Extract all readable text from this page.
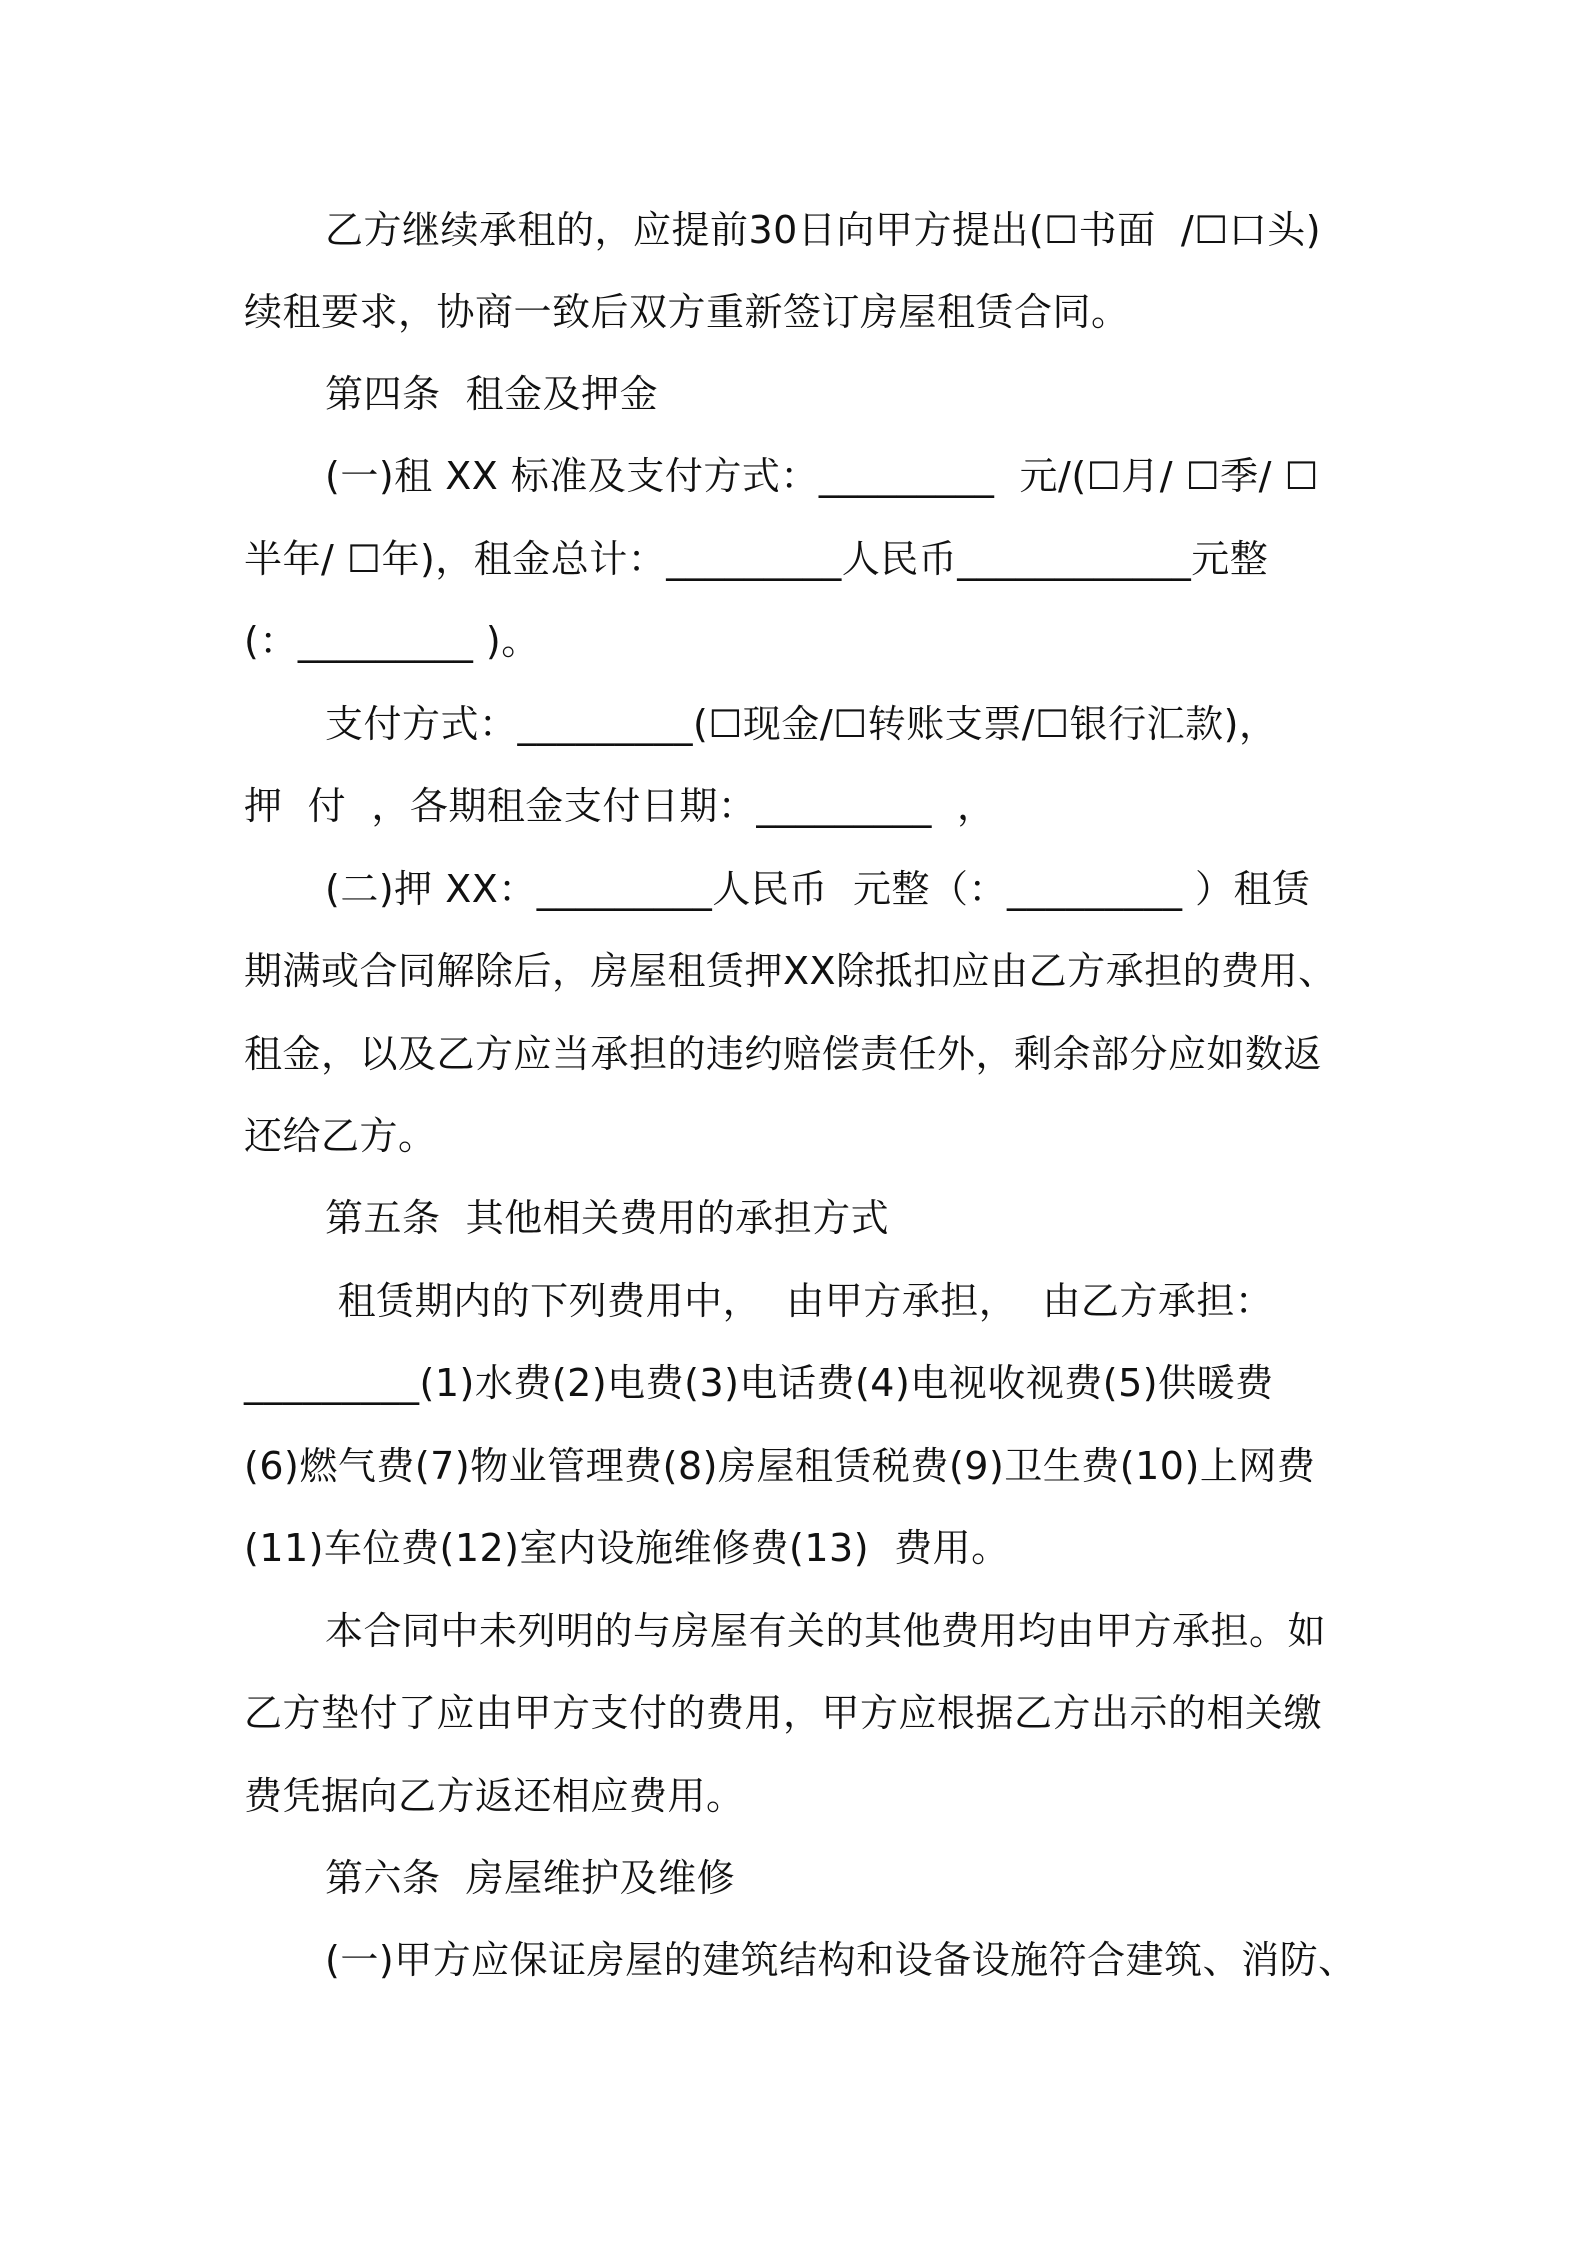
乙方继续承租的，应提前30日向甲方提出(☐书面  /☐口头)
续租要求，协商一致后双方重新签订房屋租赁合同。
第四条  租金及押金
(一)租 XX 标准及支付方式：_________  元/(☐月/ ☐季/ ☐
半年/ ☐年)，租金总计：_________人民币____________元整
(：_________ )。
支付方式：_________(☐现金/☐转账支票/☐银行汇款)，
押  付  ，各期租金支付日期：_________  ，
(二)押 XX：_________人民币  元整（：_________ ）租赁
期满或合同解除后，房屋租赁押XX除抵扣应由乙方承担的费用、
租金，以及乙方应当承担的违约赔偿责任外，剩余部分应如数返
还给乙方。
第五条  其他相关费用的承担方式
租赁期内的下列费用中，  由甲方承担，  由乙方承担：
_________(1)水费(2)电费(3)电话费(4)电视收视费(5)供暖费
(6)燃气费(7)物业管理费(8)房屋租赁税费(9)卫生费(10)上网费
(11)车位费(12)室内设施维修费(13)  费用。
本合同中未列明的与房屋有关的其他费用均由甲方承担。如
乙方垫付了应由甲方支付的费用，甲方应根据乙方出示的相关缴
费凭据向乙方返还相应费用。
第六条  房屋维护及维修
(一)甲方应保证房屋的建筑结构和设备设施符合建筑、消防、
